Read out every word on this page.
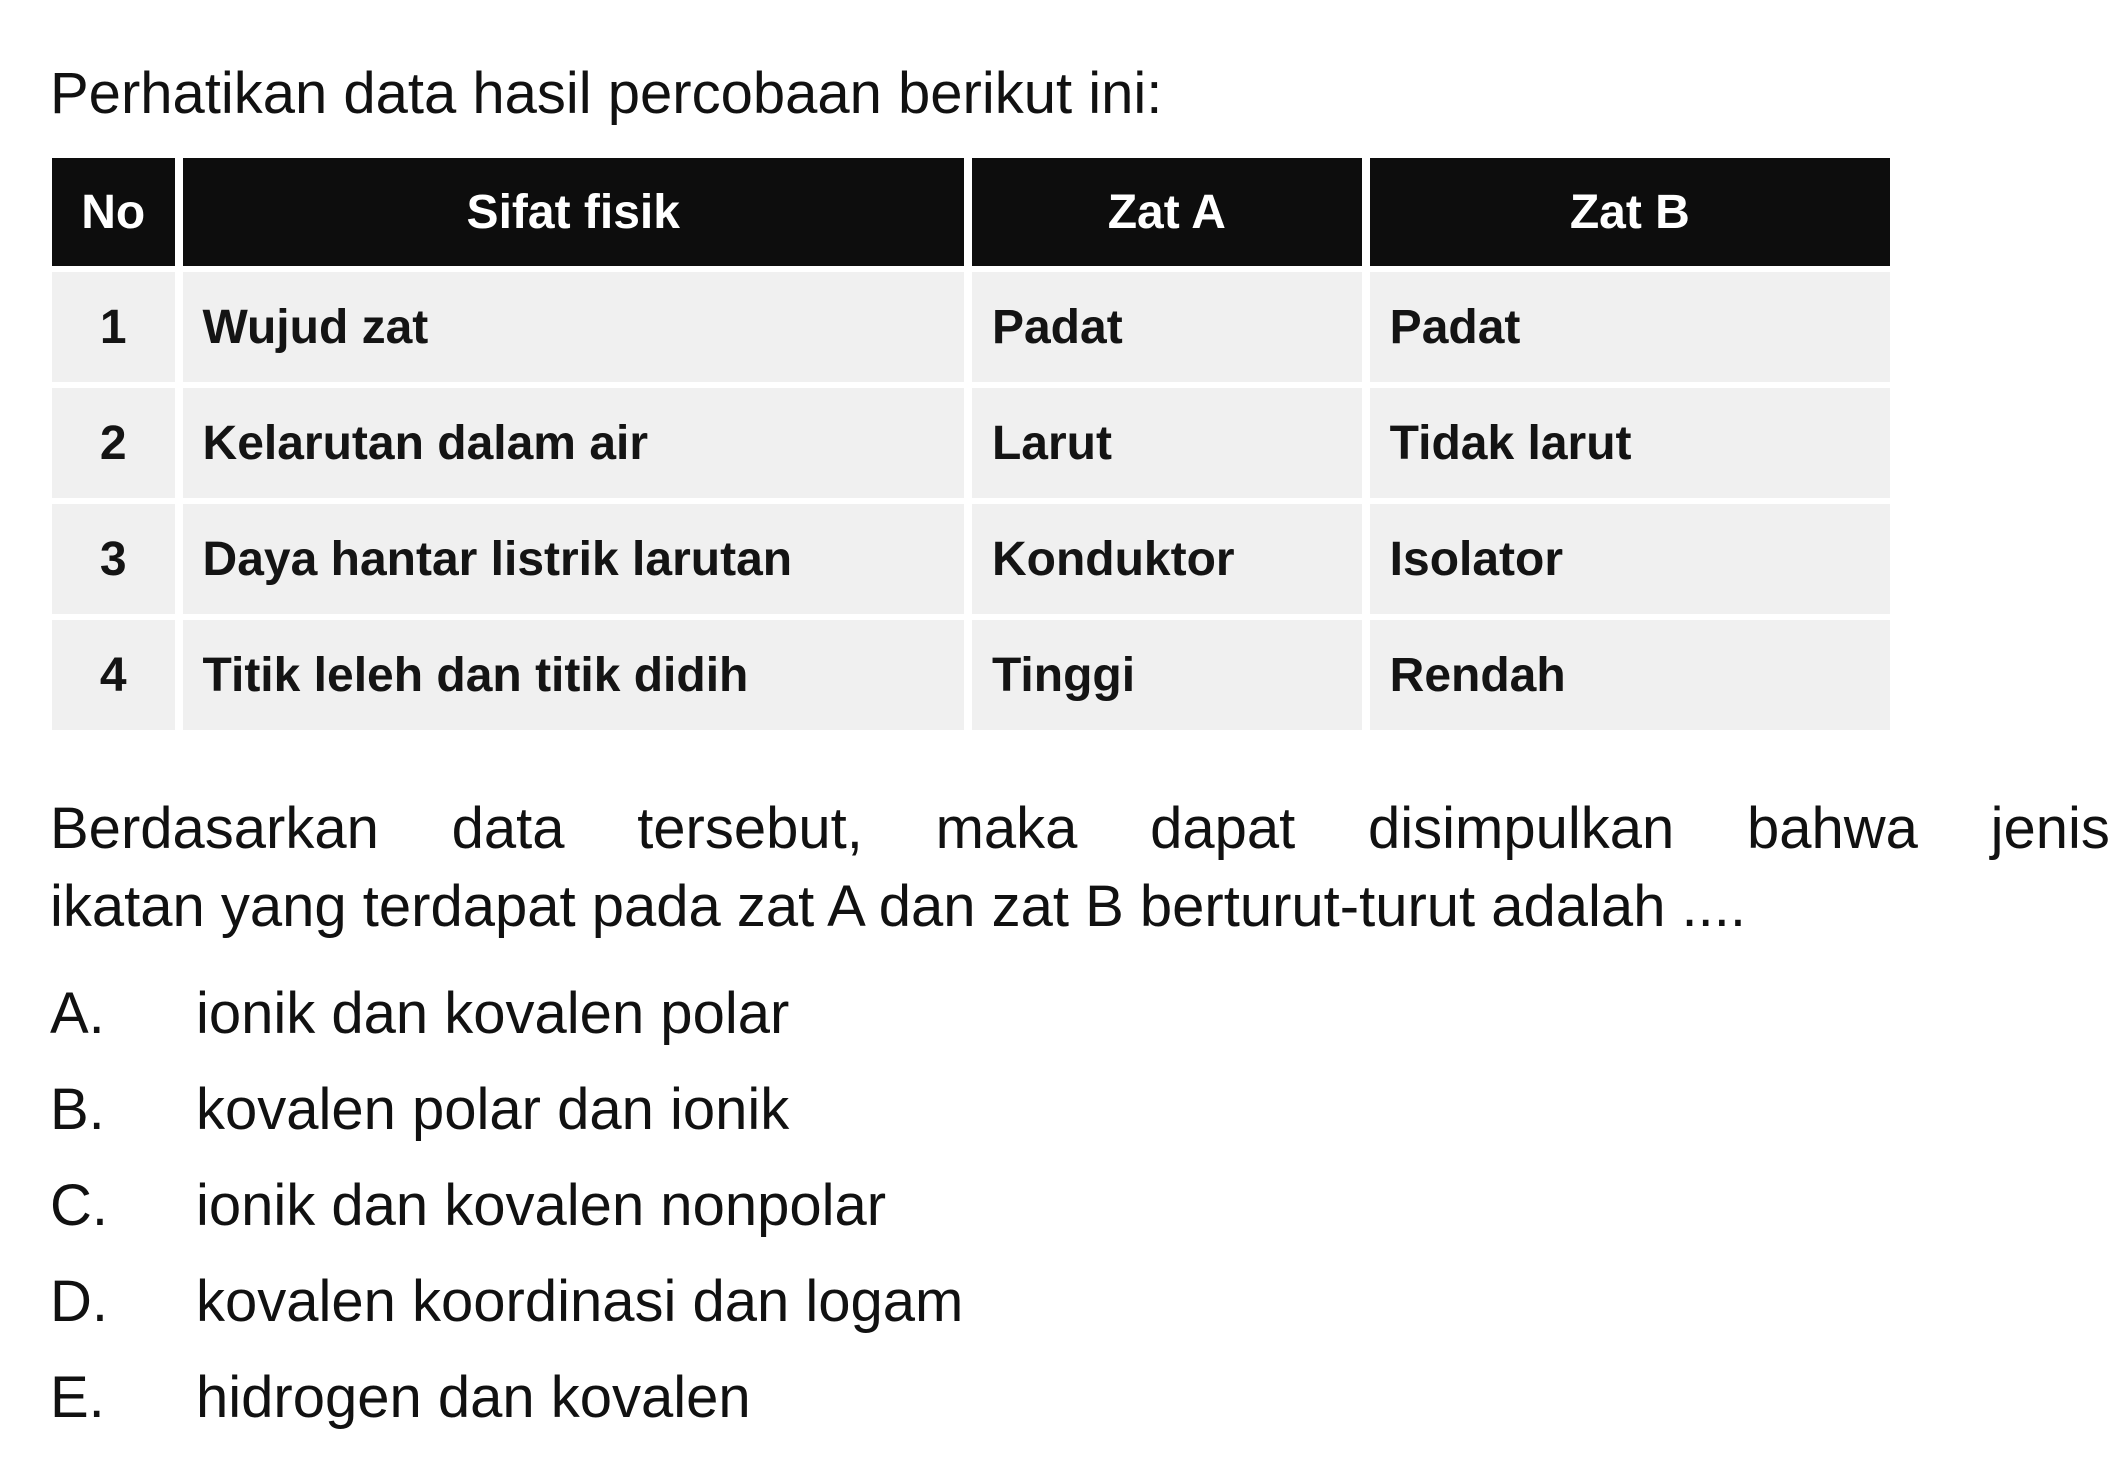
Perhatikan data hasil percobaan berikut ini:
No	Sifat fisik	Zat A	Zat B
1	Wujud zat	Padat	Padat
2	Kelarutan dalam air	Larut	Tidak larut
3	Daya hantar listrik larutan	Konduktor	Isolator
4	Titik leleh dan titik didih	Tinggi	Rendah
Berdasarkan data tersebut, maka dapat disimpulkan bahwa jenis
ikatan yang terdapat pada zat A dan zat B berturut-turut adalah ....
A.	ionik dan kovalen polar
B.	kovalen polar dan ionik
C.	ionik dan kovalen nonpolar
D.	kovalen koordinasi dan logam
E.	hidrogen dan kovalen
